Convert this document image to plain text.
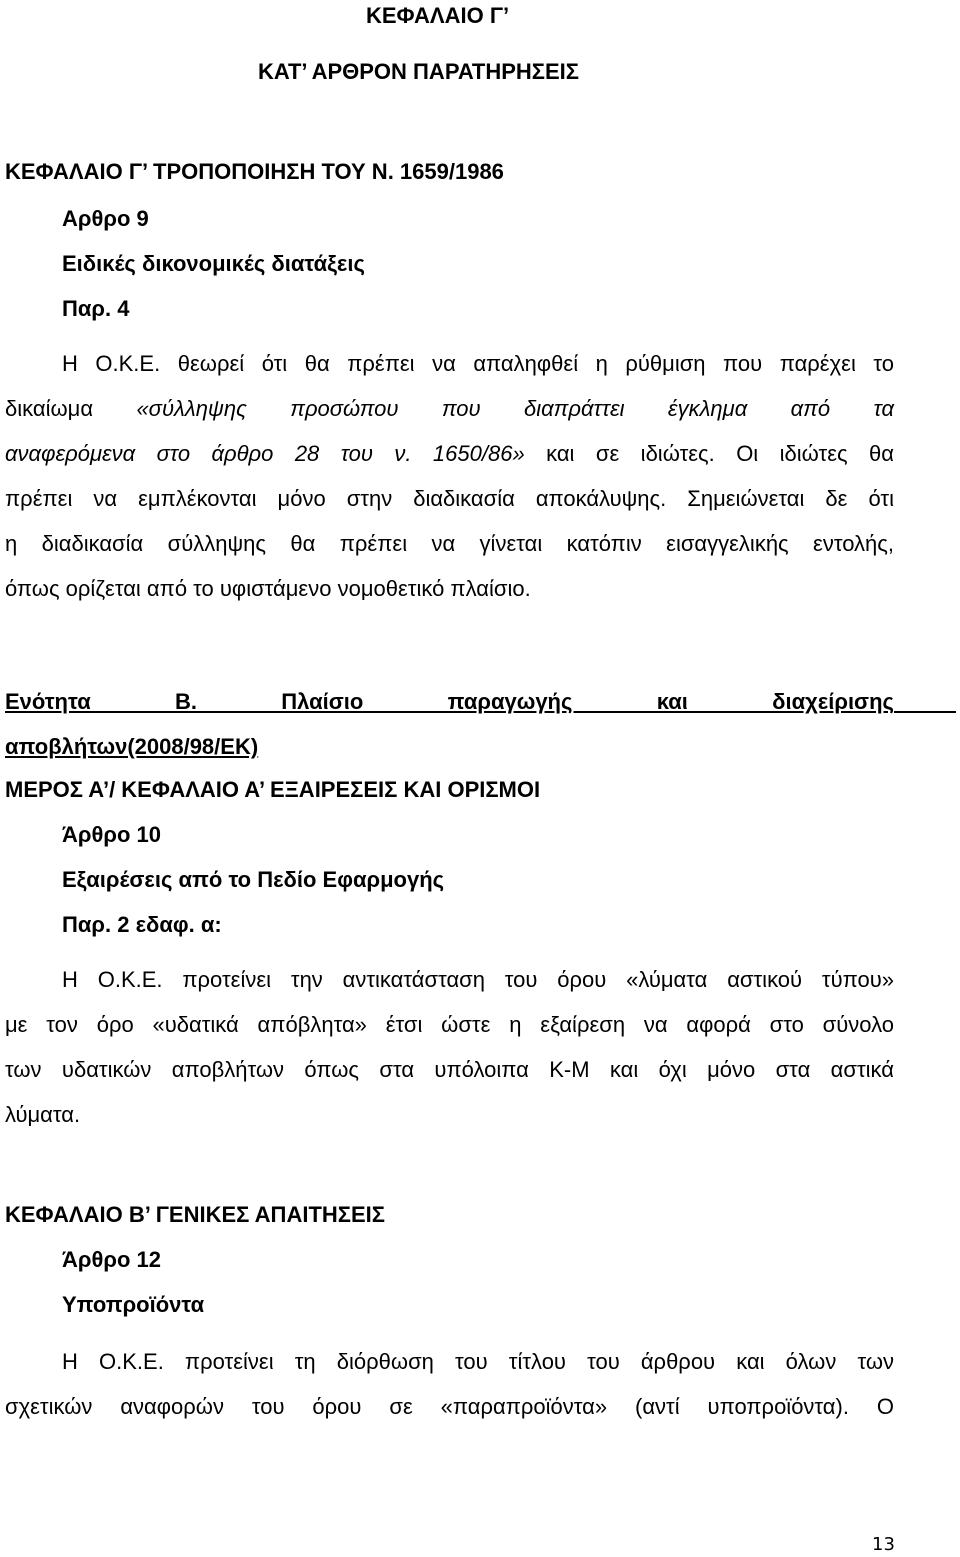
ΚΕΦΑΛΑΙΟ Γ’
ΚΑΤ’ ΑΡΘΡΟΝ ΠΑΡΑΤΗΡΗΣΕΙΣ
ΚΕΦΑΛΑΙΟ Γ’ ΤΡΟΠΟΠΟΙΗΣΗ ΤΟΥ Ν. 1659/1986
Αρθρο 9
Ειδικές δικονομικές διατάξεις
Παρ. 4
Η Ο.Κ.Ε. θεωρεί ότι θα πρέπει να απαληφθεί η ρύθμιση που παρέχει το
δικαίωμα «σύλληψης προσώπου που διαπράττει έγκλημα από τα
αναφερόμενα στο άρθρο 28 του ν. 1650/86» και σε ιδιώτες. Οι ιδιώτες θα
πρέπει να εμπλέκονται μόνο στην διαδικασία αποκάλυψης. Σημειώνεται δε ότι
η διαδικασία σύλληψης θα πρέπει να γίνεται κατόπιν εισαγγελικής εντολής,
όπως ορίζεται από το υφιστάμενο νομοθετικό πλαίσιο.
Ενότητα Β. Πλαίσιο παραγωγής και διαχείρισης
αποβλήτων(2008/98/ΕΚ)
ΜΕΡΟΣ Α’/ ΚΕΦΑΛΑΙΟ Α’ ΕΞΑΙΡΕΣΕΙΣ ΚΑΙ ΟΡΙΣΜΟΙ
Άρθρο 10
Εξαιρέσεις από το Πεδίο Εφαρμογής
Παρ. 2 εδαφ. α:
Η Ο.Κ.Ε. προτείνει την αντικατάσταση του όρου «λύματα αστικού τύπου»
με τον όρο «υδατικά απόβλητα» έτσι ώστε η εξαίρεση να αφορά στο σύνολο
των υδατικών αποβλήτων όπως στα υπόλοιπα Κ-Μ και όχι μόνο στα αστικά
λύματα.
ΚΕΦΑΛΑΙΟ Β’ ΓΕΝΙΚΕΣ ΑΠΑΙΤΗΣΕΙΣ
Άρθρο 12
Υποπροϊόντα
Η Ο.Κ.Ε. προτείνει τη διόρθωση του τίτλου του άρθρου και όλων των
σχετικών αναφορών του όρου σε «παραπροϊόντα» (αντί υποπροϊόντα). Ο
13
